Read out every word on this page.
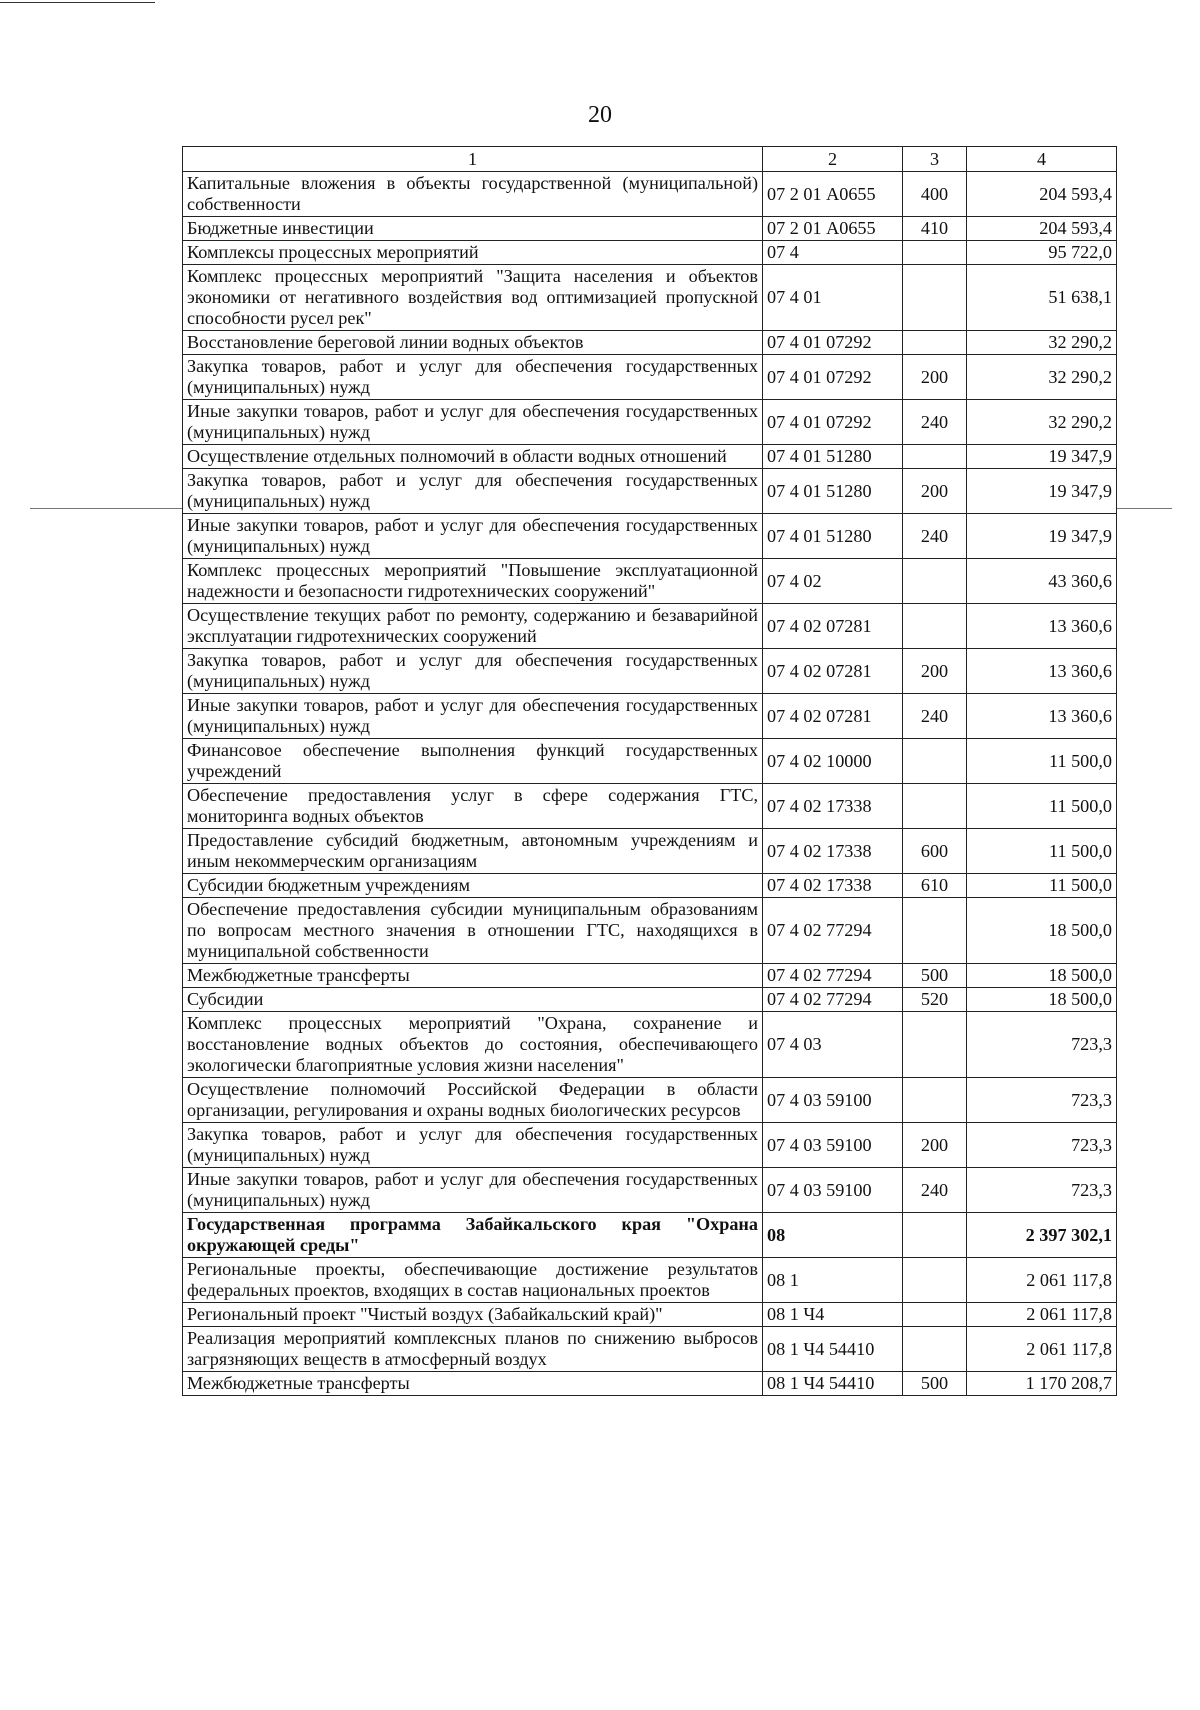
20
1	2	3	4
Капитальные вложения в объекты государственной (муниципальной) собственности	07 2 01 А0655	400	204 593,4
Бюджетные инвестиции	07 2 01 А0655	410	204 593,4
Комплексы процессных мероприятий	07 4		95 722,0
Комплекс процессных мероприятий "Защита населения и объектов экономики от негативного воздействия вод оптимизацией пропускной способности русел рек"	07 4 01		51 638,1
Восстановление береговой линии водных объектов	07 4 01 07292		32 290,2
Закупка товаров, работ и услуг для обеспечения государственных (муниципальных) нужд	07 4 01 07292	200	32 290,2
Иные закупки товаров, работ и услуг для обеспечения государственных (муниципальных) нужд	07 4 01 07292	240	32 290,2
Осуществление отдельных полномочий в области водных отношений	07 4 01 51280		19 347,9
Закупка товаров, работ и услуг для обеспечения государственных (муниципальных) нужд	07 4 01 51280	200	19 347,9
Иные закупки товаров, работ и услуг для обеспечения государственных (муниципальных) нужд	07 4 01 51280	240	19 347,9
Комплекс процессных мероприятий "Повышение эксплуатационной надежности и безопасности гидротехнических сооружений"	07 4 02		43 360,6
Осуществление текущих работ по ремонту, содержанию и безаварийной эксплуатации гидротехнических сооружений	07 4 02 07281		13 360,6
Закупка товаров, работ и услуг для обеспечения государственных (муниципальных) нужд	07 4 02 07281	200	13 360,6
Иные закупки товаров, работ и услуг для обеспечения государственных (муниципальных) нужд	07 4 02 07281	240	13 360,6
Финансовое обеспечение выполнения функций государственных учреждений	07 4 02 10000		11 500,0
Обеспечение предоставления услуг в сфере содержания ГТС, мониторинга водных объектов	07 4 02 17338		11 500,0
Предоставление субсидий бюджетным, автономным учреждениям и иным некоммерческим организациям	07 4 02 17338	600	11 500,0
Субсидии бюджетным учреждениям	07 4 02 17338	610	11 500,0
Обеспечение предоставления субсидии муниципальным образованиям по вопросам местного значения в отношении ГТС, находящихся в муниципальной собственности	07 4 02 77294		18 500,0
Межбюджетные трансферты	07 4 02 77294	500	18 500,0
Субсидии	07 4 02 77294	520	18 500,0
Комплекс процессных мероприятий "Охрана, сохранение и восстановление водных объектов до состояния, обеспечивающего экологически благоприятные условия жизни населения"	07 4 03		723,3
Осуществление полномочий Российской Федерации в области организации, регулирования и охраны водных биологических ресурсов	07 4 03 59100		723,3
Закупка товаров, работ и услуг для обеспечения государственных (муниципальных) нужд	07 4 03 59100	200	723,3
Иные закупки товаров, работ и услуг для обеспечения государственных (муниципальных) нужд	07 4 03 59100	240	723,3
Государственная программа Забайкальского края "Охрана окружающей среды"	08		2 397 302,1
Региональные проекты, обеспечивающие достижение результатов федеральных проектов, входящих в состав национальных проектов	08 1		2 061 117,8
Региональный проект "Чистый воздух (Забайкальский край)"	08 1 Ч4		2 061 117,8
Реализация мероприятий комплексных планов по снижению выбросов загрязняющих веществ в атмосферный воздух	08 1 Ч4 54410		2 061 117,8
Межбюджетные трансферты	08 1 Ч4 54410	500	1 170 208,7
